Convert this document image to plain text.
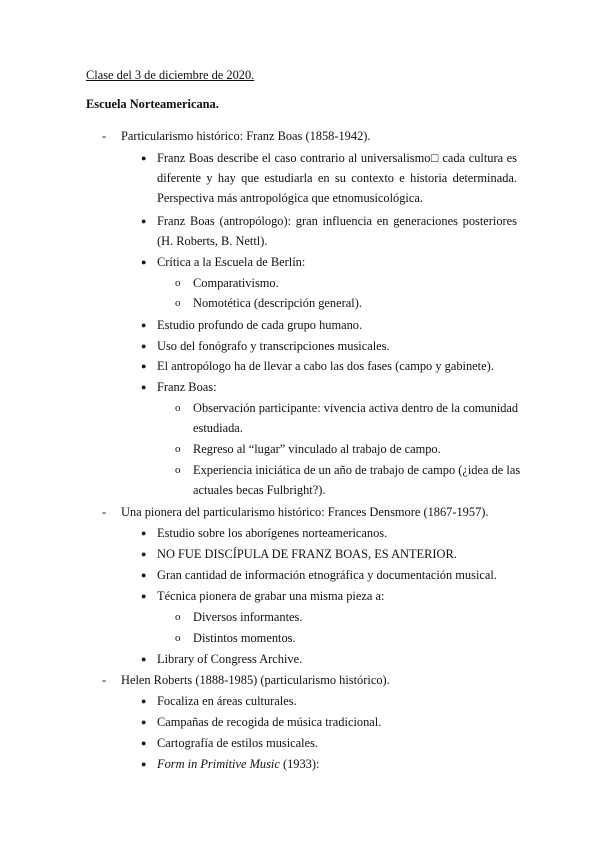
Clase del 3 de diciembre de 2020.
Escuela Norteamericana.
- Particularismo histórico: Franz Boas (1858-1942).
● Franz Boas describe el caso contrario al universalismo□ cada cultura es
diferente y hay que estudiarla en su contexto e historia determinada.
Perspectiva más antropológica que etnomusicológica.
● Franz Boas (antropólogo): gran influencia en generaciones posteriores
(H. Roberts, B. Nettl).
● Crítica a la Escuela de Berlín:
o Comparativismo.
o Nomotética (descripción general).
● Estudio profundo de cada grupo humano.
● Uso del fonógrafo y transcripciones musicales.
● El antropólogo ha de llevar a cabo las dos fases (campo y gabinete).
● Franz Boas:
o Observación participante: vivencia activa dentro de la comunidad
estudiada.
o Regreso al “lugar” vinculado al trabajo de campo.
o Experiencia iniciática de un año de trabajo de campo (¿idea de las
actuales becas Fulbright?).
- Una pionera del particularismo histórico: Frances Densmore (1867-1957).
● Estudio sobre los aborígenes norteamericanos.
● NO FUE DISCÍPULA DE FRANZ BOAS, ES ANTERIOR.
● Gran cantidad de información etnográfica y documentación musical.
● Técnica pionera de grabar una misma pieza a:
o Diversos informantes.
o Distintos momentos.
● Library of Congress Archive.
- Helen Roberts (1888-1985) (particularismo histórico).
● Focaliza en áreas culturales.
● Campañas de recogida de música tradicional.
● Cartografía de estilos musicales.
● Form in Primitive Music (1933):
